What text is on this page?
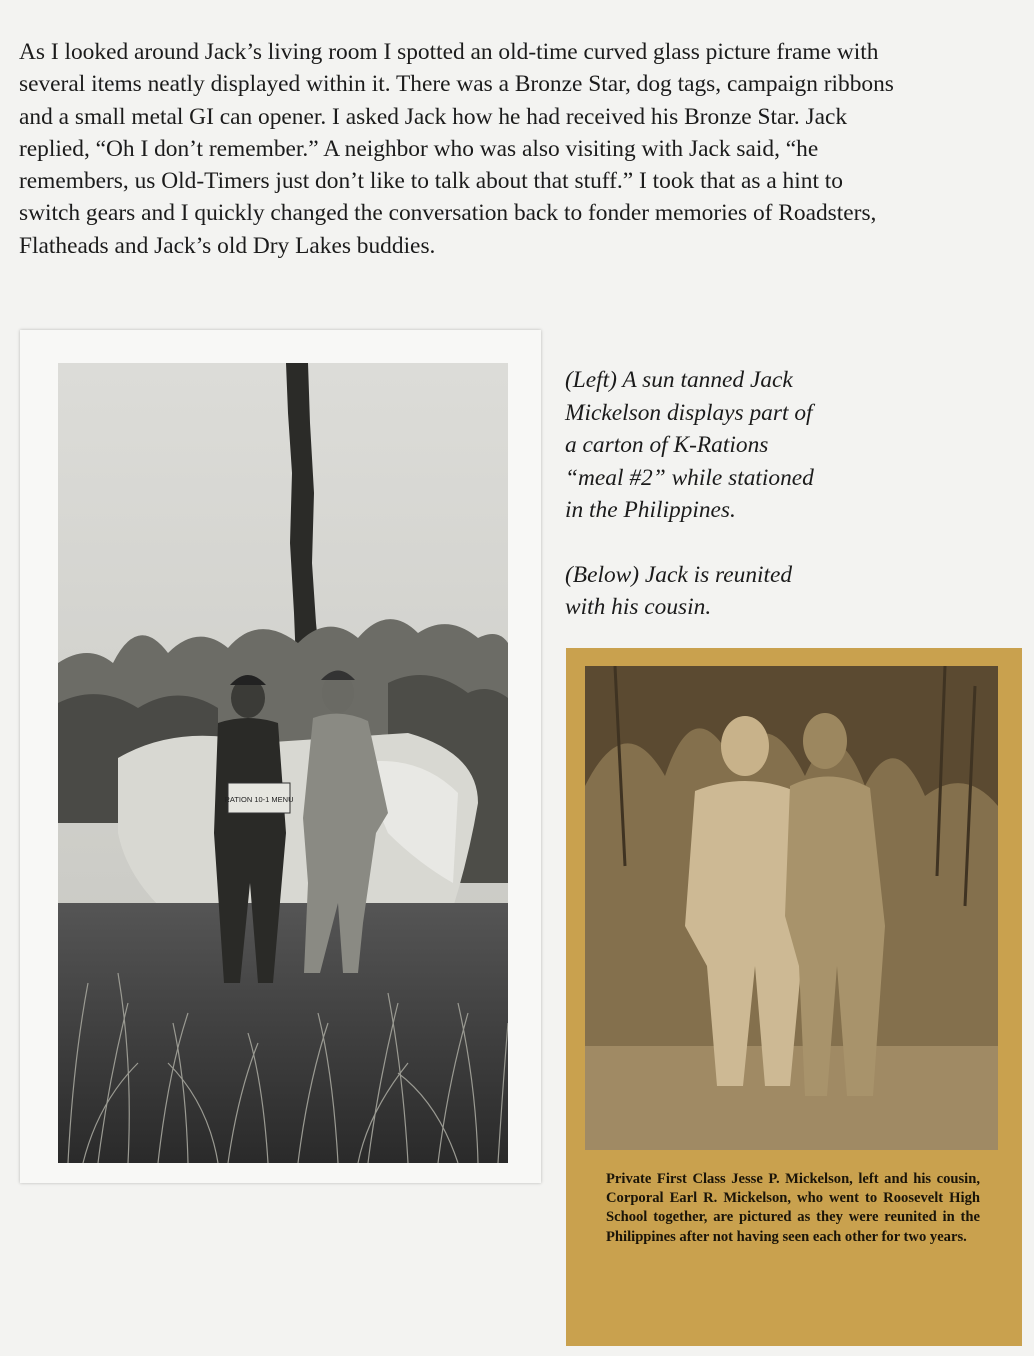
As I looked around Jack’s living room I spotted an old-time curved glass picture frame with several items neatly displayed within it. There was a Bronze Star, dog tags, campaign ribbons and a small metal GI can opener. I asked Jack how he had received his Bronze Star. Jack replied, “Oh I don’t remember.” A neighbor who was also visiting with Jack said, “he remembers, us Old-Timers just don’t like to talk about that stuff.” I took that as a hint to switch gears and I quickly changed the conversation back to fonder memories of Roadsters, Flatheads and Jack’s old Dry Lakes buddies.

RATION 10-1 MENU

(Left) A sun tanned Jack
Mickelson displays part of
a carton of K-Rations
“meal #2” while stationed
in the Philippines.

(Below) Jack is reunited
with his cousin.

Private First Class Jesse P. Mickelson, left and his cousin, Corporal Earl R. Mickelson, who went to Roosevelt High School together, are pictured as they were reunited in the Philippines after not having seen each other for two years.
